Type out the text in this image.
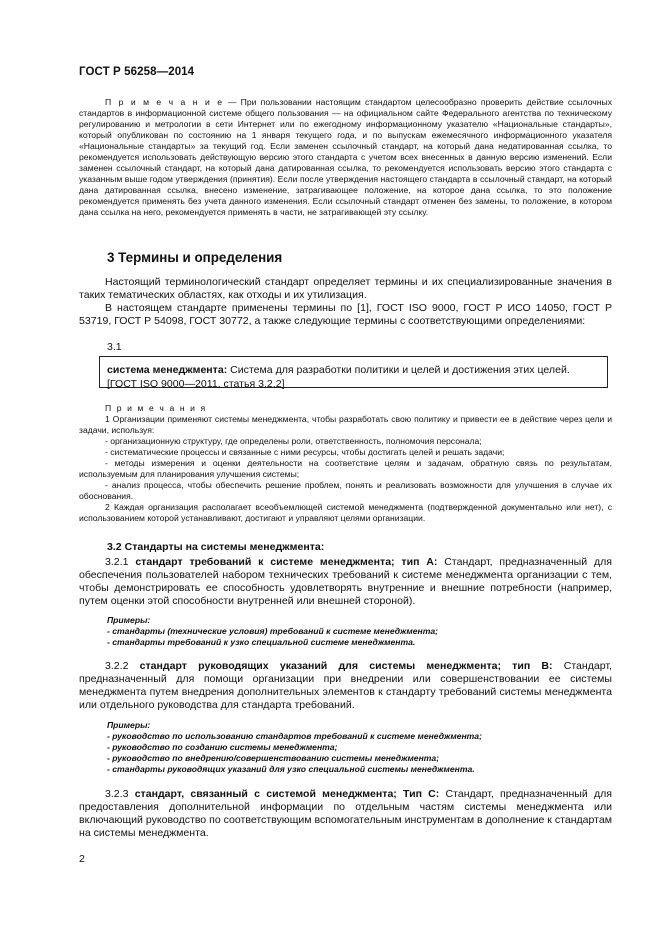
ГОСТ Р 56258—2014

П р и м е ч а н и е — При пользовании настоящим стандартом целесообразно проверить действие ссылочных стандартов в информационной системе общего пользования — на официальном сайте Федерального агентства по техническому регулированию и метрологии в сети Интернет или по ежегодному информационному указателю «Национальные стандарты», который опубликован по состоянию на 1 января текущего года, и по выпускам ежемесячного информационного указателя «Национальные стандарты» за текущий год. Если заменен ссылочный стандарт, на который дана недатированная ссылка, то рекомендуется использовать действующую версию этого стандарта с учетом всех внесенных в данную версию изменений. Если заменен ссылочный стандарт, на который дана датированная ссылка, то рекомендуется использовать версию этого стандарта с указанным выше годом утверждения (принятия). Если после утверждения настоящего стандарта в ссылочный стандарт, на который дана датированная ссылка, внесено изменение, затрагивающее положение, на которое дана ссылка, то это положение рекомендуется применять без учета данного изменения. Если ссылочный стандарт отменен без замены, то положение, в котором дана ссылка на него, рекомендуется применять в части, не затрагивающей эту ссылку.

3 Термины и определения

Настоящий терминологический стандарт определяет термины и их специализированные значения в таких тематических областях, как отходы и их утилизация.

В настоящем стандарте применены термины по [1], ГОСТ ISO 9000, ГОСТ Р ИСО 14050, ГОСТ Р 53719, ГОСТ Р 54098, ГОСТ 30772, а также следующие термины с соответствующими определениями:

3.1
система менеджмента: Система для разработки политики и целей и достижения этих целей.
[ГОСТ ISO 9000—2011, статья 3.2.2]
П р и м е ч а н и я
1 Организации применяют системы менеджмента, чтобы разработать свою политику и привести ее в действие через цели и задачи, используя:
- организационную структуру, где определены роли, ответственность, полномочия персонала;
- систематические процессы и связанные с ними ресурсы, чтобы достигать целей и решать задачи;
- методы измерения и оценки деятельности на соответствие целям и задачам, обратную связь по результатам, используемым для планирования улучшения системы;
- анализ процесса, чтобы обеспечить решение проблем, понять и реализовать возможности для улучшения в случае их обоснования.
2 Каждая организация располагает всеобъемлющей системой менеджмента (подтвержденной документально или нет), с использованием которой устанавливают, достигают и управляют целями организации.
3.2 Стандарты на системы менеджмента:

3.2.1 стандарт требований к системе менеджмента; тип А: Стандарт, предназначенный для обеспечения пользователей набором технических требований к системе менеджмента организации с тем, чтобы демонстрировать ее способность удовлетворять внутренние и внешние потребности (например, путем оценки этой способности внутренней или внешней стороной).

Примеры:
- стандарты (технические условия) требований к системе менеджмента;
- стандарты требований к узко специальной системе менеджмента.

3.2.2 стандарт руководящих указаний для системы менеджмента; тип В: Стандарт, предназначенный для помощи организации при внедрении или совершенствовании ее системы менеджмента путем внедрения дополнительных элементов к стандарту требований системы менеджмента или отдельного руководства для стандарта требований.

Примеры:
- руководство по использованию стандартов требований к системе менеджмента;
- руководство по созданию системы менеджмента;
- руководство по внедрению/совершенствованию системы менеджмента;
- стандарты руководящих указаний для узко специальной системы менеджмента.

3.2.3 стандарт, связанный с системой менеджмента; Тип С: Стандарт, предназначенный для предоставления дополнительной информации по отдельным частям системы менеджмента или включающий руководство по соответствующим вспомогательным инструментам в дополнение к стандартам на системы менеджмента.

2
